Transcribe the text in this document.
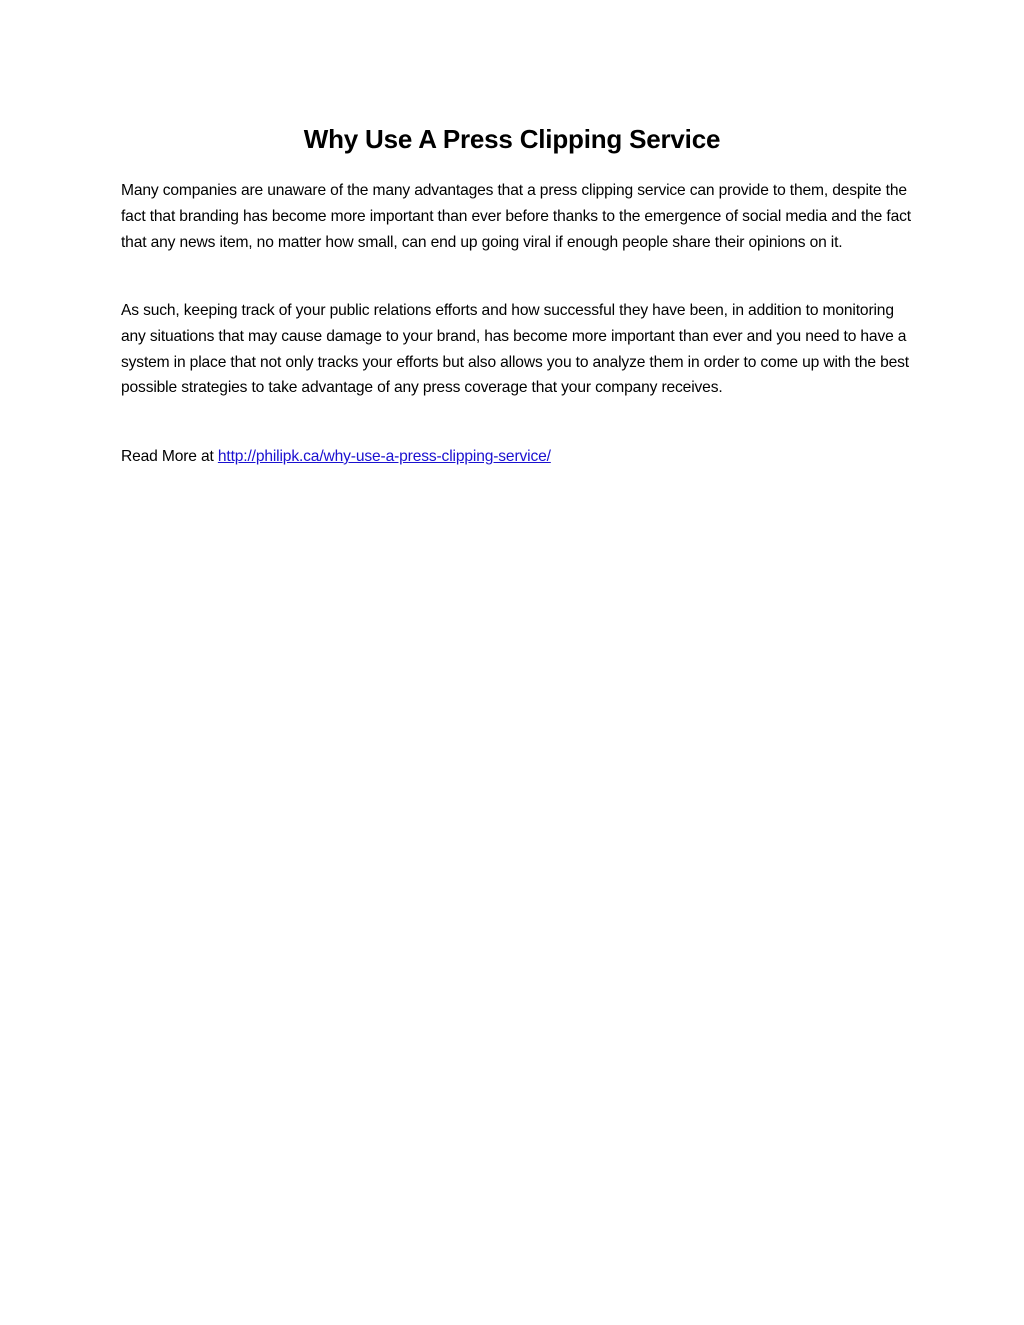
Why Use A Press Clipping Service

Many companies are unaware of the many advantages that a press clipping service can provide to them, despite the fact that branding has become more important than ever before thanks to the emergence of social media and the fact that any news item, no matter how small, can end up going viral if enough people share their opinions on it.

As such, keeping track of your public relations efforts and how successful they have been, in addition to monitoring any situations that may cause damage to your brand, has become more important than ever and you need to have a system in place that not only tracks your efforts but also allows you to analyze them in order to come up with the best possible strategies to take advantage of any press coverage that your company receives.

Read More at http://philipk.ca/why-use-a-press-clipping-service/
